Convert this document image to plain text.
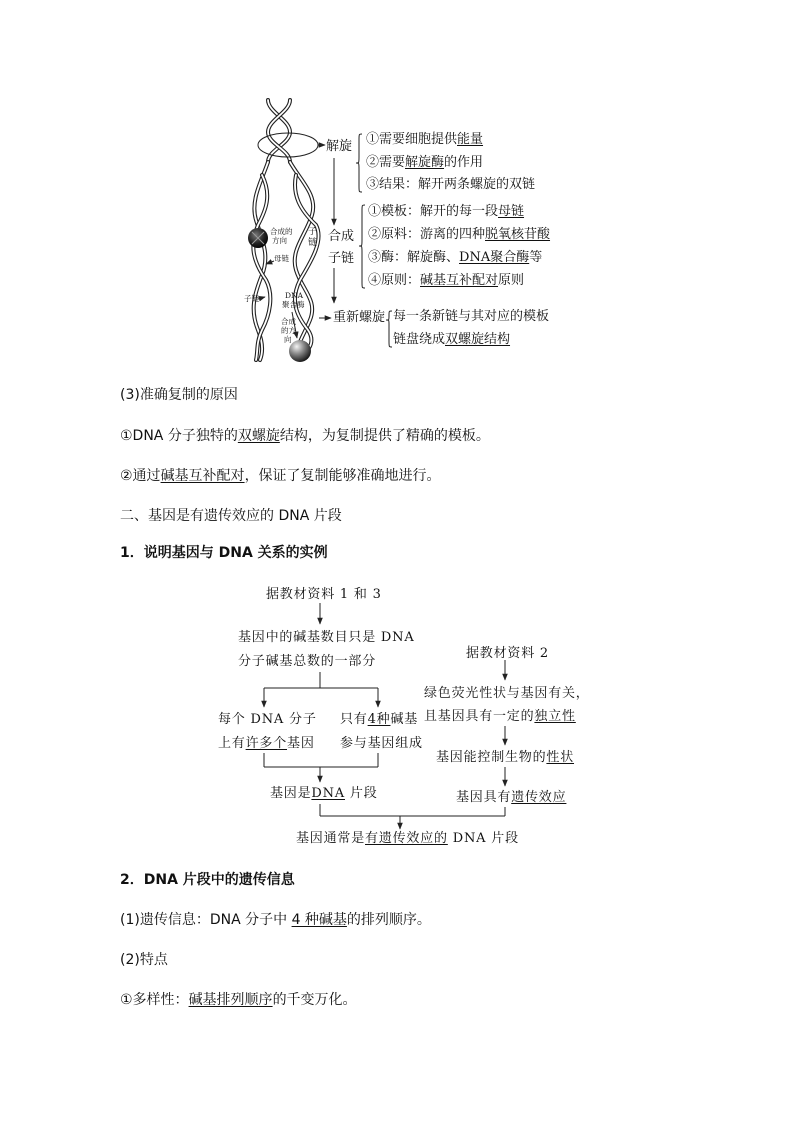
合成的
方向
子
链
母链
子链	DNA
聚合酶
合成
的方
向
解旋 ①需要细胞提供能量
②需要解旋酶的作用
③结果：解开两条螺旋的双链
合成
子链
①模板：解开的每一段母链
②原料：游离的四种脱氧核苷酸
③酶：解旋酶、DNA聚合酶等
④原则：碱基互补配对原则
重新螺旋 每一条新链与其对应的模板
链盘绕成双螺旋结构
(3)准确复制的原因
①DNA 分子独特的双螺旋结构，为复制提供了精确的模板。
②通过碱基互补配对，保证了复制能够准确地进行。
二、基因是有遗传效应的 DNA 片段
1．说明基因与 DNA 关系的实例
据教材资料 1 和 3
基因中的碱基数目只是 DNA
分子碱基总数的一部分
每个 DNA 分子
上有许多个基因
只有4种碱基
参与基因组成
基因是DNA 片段
据教材资料 2
绿色荧光性状与基因有关，
且基因具有一定的独立性
基因能控制生物的性状
基因具有遗传效应
基因通常是有遗传效应的 DNA 片段
2．DNA 片段中的遗传信息
(1)遗传信息：DNA 分子中 4 种碱基的排列顺序。
(2)特点
①多样性：碱基排列顺序的千变万化。
